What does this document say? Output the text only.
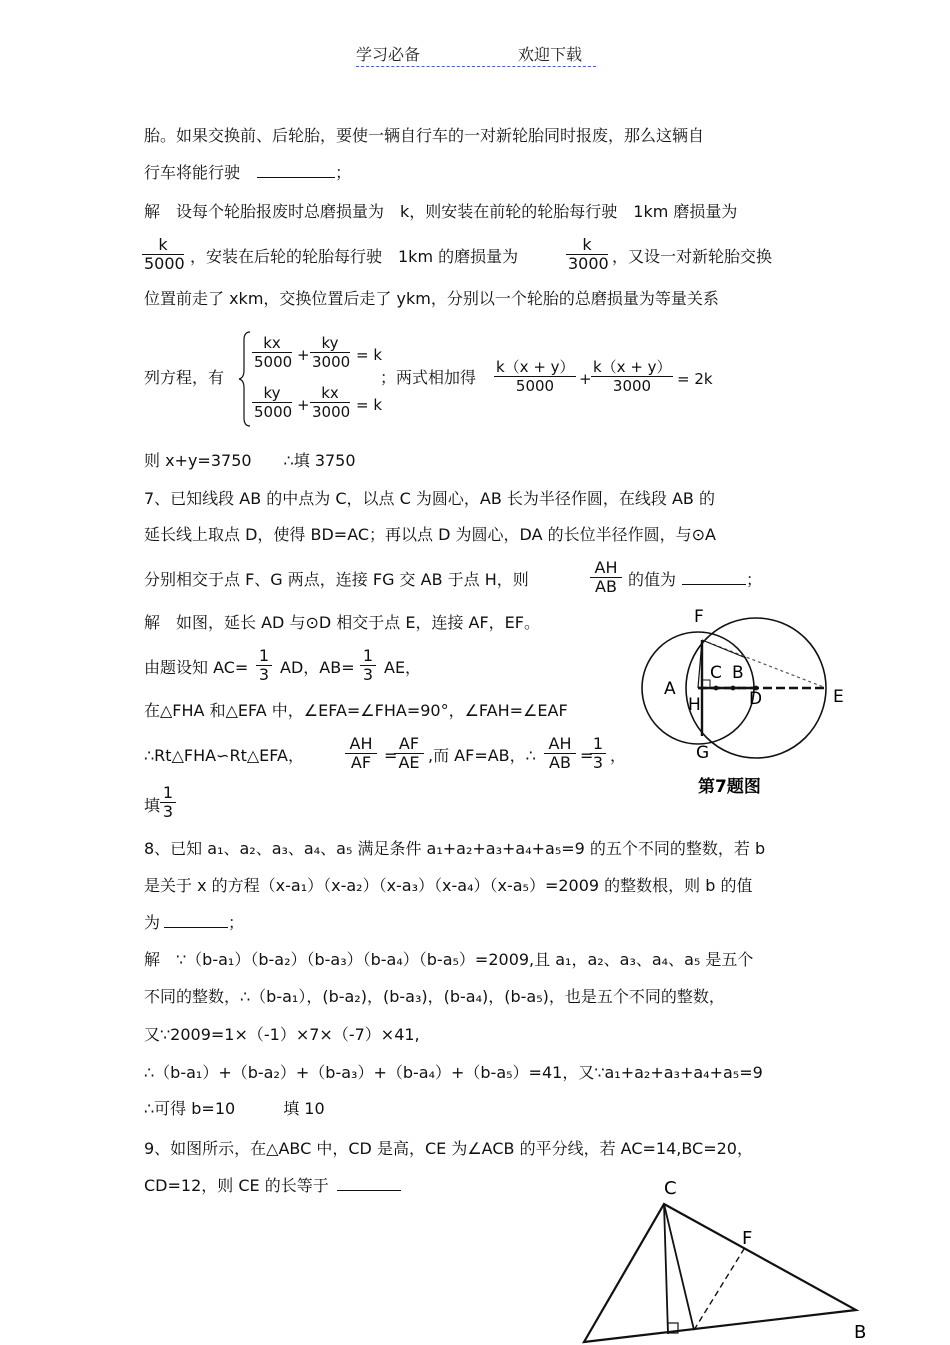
学习必备	欢迎下载
胎。如果交换前、后轮胎，要使一辆自行车的一对新轮胎同时报废，那么这辆自
行车将能行驶	；
解　设每个轮胎报废时总磨损量为　k，则安装在前轮的轮胎每行驶　1km 磨损量为
$\frac{k}{5000}$ ，安装在后轮的轮胎每行驶　1km 的磨损量为	$\frac{k}{3000}$ ，又设一对新轮胎交换
位置前走了 xkm，交换位置后走了 ykm，分别以一个轮胎的总磨损量为等量关系
列方程，有
$\frac{kx}{5000} + \frac{ky}{3000} = k$
$\frac{ky}{5000} + \frac{kx}{3000} = k$
；两式相加得 $\frac{k(x + y)}{5000} + \frac{k(x + y)}{3000} = 2k$
则 x+y=3750　　∴填 3750
7、已知线段 AB 的中点为 C，以点 C 为圆心，AB 长为半径作圆，在线段 AB 的
延长线上取点 D，使得 BD=AC；再以点 D 为圆心，DA 的长位半径作圆，与⊙A
分别相交于点 F、G 两点，连接 FG 交 AB 于点 H，则	$\frac{AH}{AB}$ 的值为	；
解　如图，延长 AD 与⊙D 相交于点 E，连接 AF，EF。
由题设知 $AC= \frac{1}{3}$ AD，$AB= \frac{1}{3}$ AE，
在△FHA 和△EFA 中，∠EFA=∠FHA=90°，∠FAH=∠EAF
∴Rt△FHA∽Rt△EFA，	$\frac{AH}{AF}$ =
$\frac{AF}{AE}$ ,而 AF=AB，∴ $\frac{AH}{AB}$ =
$\frac{1}{3}$ ，
填 $\frac{1}{3}$
F
C B
A
H	D	E
G
第7题图
8、已知 a₁、a₂、a₃、a₄、a₅ 满足条件 a₁+a₂+a₃+a₄+a₅=9 的五个不同的整数，若 b
是关于 x 的方程（x-a₁）（x-a₂）（x-a₃）（x-a₄）（x-a₅）=2009 的整数根，则 b 的值
为	；
解　∵（b-a₁）（b-a₂）（b-a₃）（b-a₄）（b-a₅）=2009,且 a₁，a₂、a₃、a₄、a₅ 是五个
不同的整数，∴（b-a₁），(b-a₂)，(b-a₃)，(b-a₄)，(b-a₅)，也是五个不同的整数，
又∵2009=1×（-1）×7×（-7）×41,
∴（b-a₁）+（b-a₂）+（b-a₃）+（b-a₄）+（b-a₅）=41，又∵a₁+a₂+a₃+a₄+a₅=9
∴可得 b=10　　　填 10
9、如图所示，在△ABC 中，CD 是高，CE 为∠ACB 的平分线，若 AC=14,BC=20，
CD=12，则 CE 的长等于	C
F
B
